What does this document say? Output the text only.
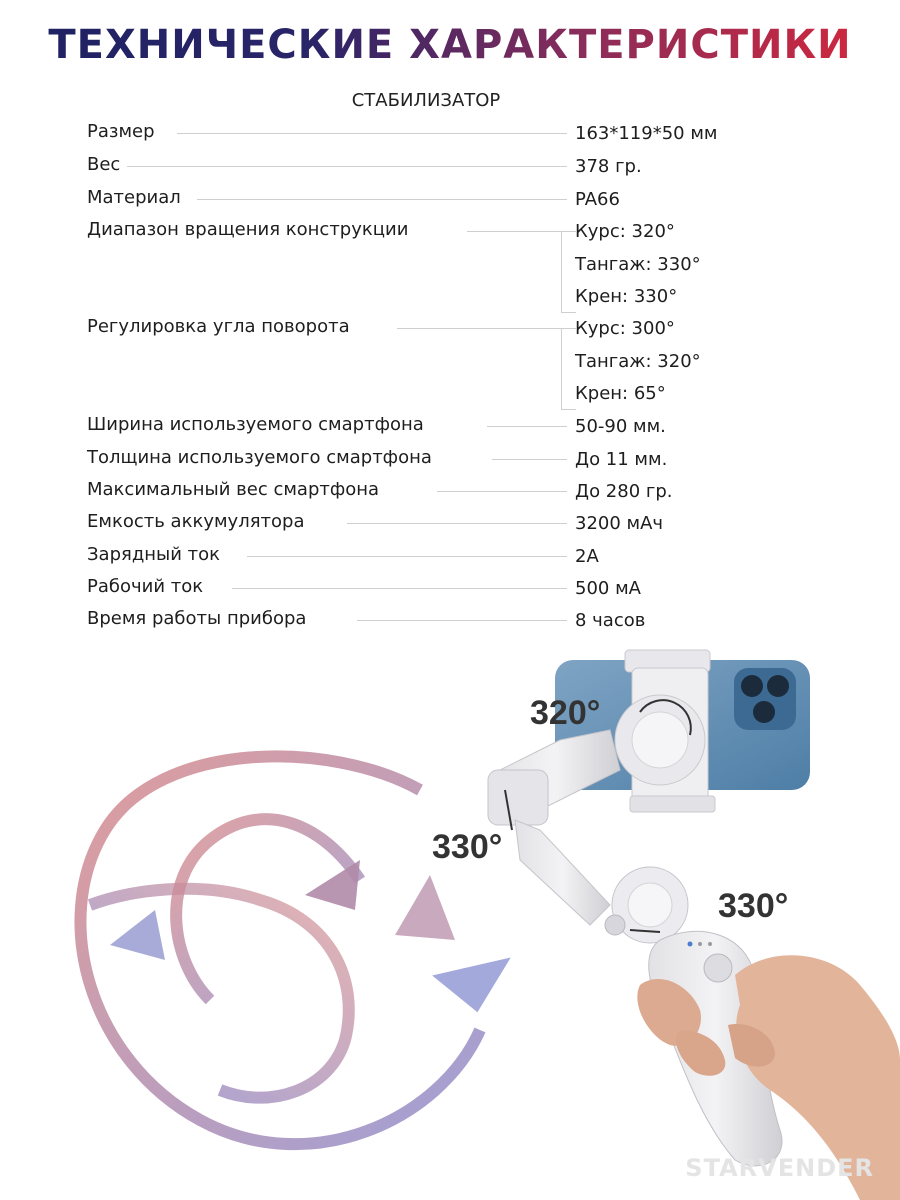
ТЕХНИЧЕСКИЕ ХАРАКТЕРИСТИКИ
СТАБИЛИЗАТОР
Размер	163*119*50 мм
Вес	378 гр.
Материал	PA66
Диапазон вращения конструкции	Курс: 320°
Тангаж: 330°
Крен: 330°
Регулировка угла поворота	Курс: 300°
Тангаж: 320°
Крен: 65°
Ширина используемого смартфона	50-90 мм.
Толщина используемого смартфона	До 11 мм.
Максимальный вес смартфона	До 280 гр.
Емкость аккумулятора	3200 мАч
Зарядный ток	2A
Рабочий ток	500 мА
Время работы прибора	8 часов
320°
330°
330°
STARVENDER
